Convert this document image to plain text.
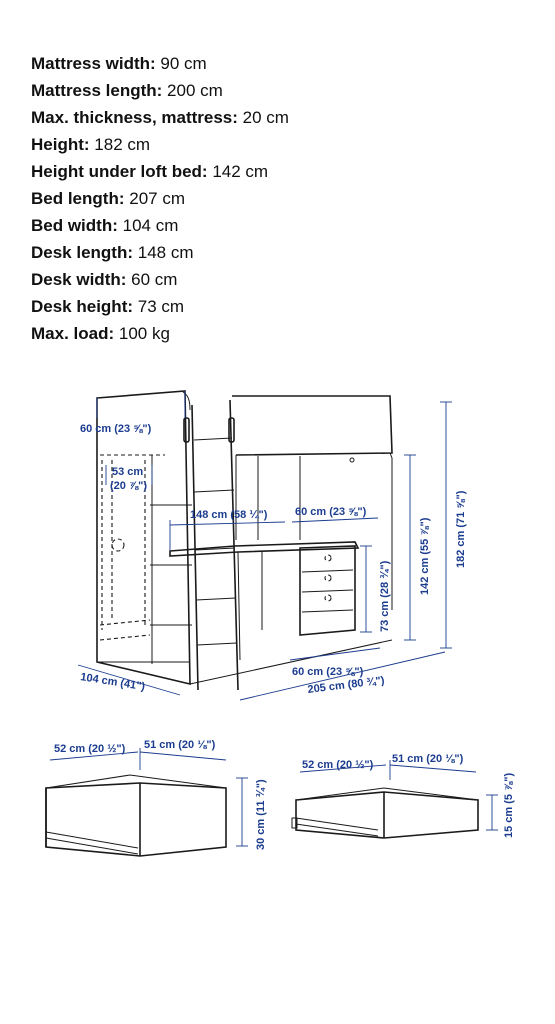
Mattress width: 90 cm
Mattress length: 200 cm
Max. thickness, mattress: 20 cm
Height: 182 cm
Height under loft bed: 142 cm
Bed length: 207 cm
Bed width: 104 cm
Desk length: 148 cm
Desk width: 60 cm
Desk height: 73 cm
Max. load: 100 kg
60 cm (23 ⅝")
53 cm
(20 ⅞")
148 cm (58 ¼")	60 cm (23 ⅝")
73 cm (28 ¾")
142 cm (55 ⅞") 182 cm (71 ⅝")
60 cm (23 ⅝")
104 cm (41")	205 cm (80 ¾")
52 cm (20 ½") 51 cm (20 ⅛")
30 cm (11 ¾")
52 cm (20 ½") 51 cm (20 ⅛")
15 cm (5 ⅞")
